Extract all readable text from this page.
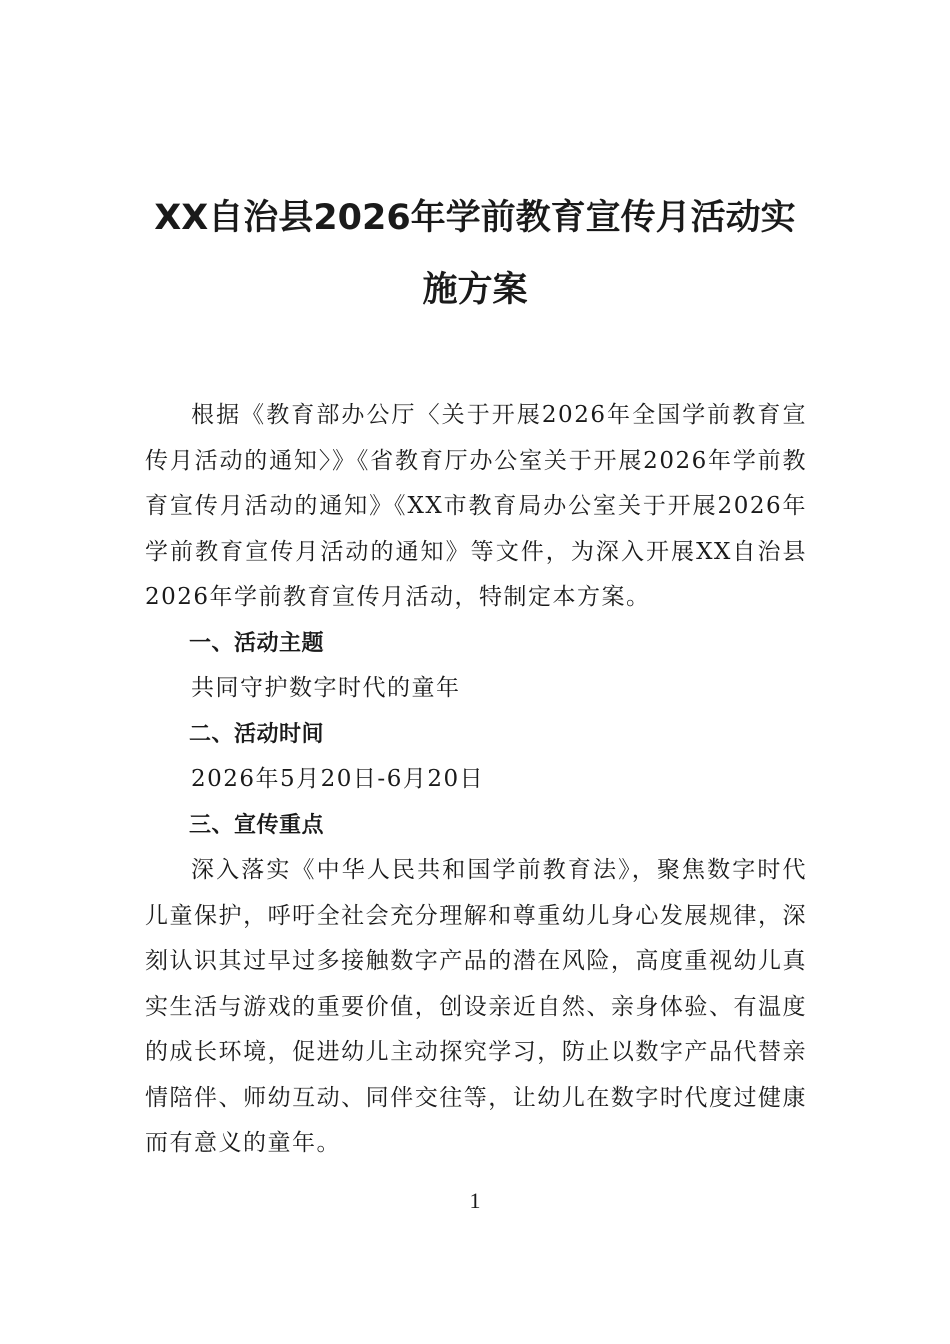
XX自治县2026年学前教育宣传月活动实施方案

根据《教育部办公厅〈关于开展2026年全国学前教育宣传月活动的通知〉》《省教育厅办公室关于开展2026年学前教育宣传月活动的通知》《XX市教育局办公室关于开展2026年学前教育宣传月活动的通知》等文件，为深入开展XX自治县2026年学前教育宣传月活动，特制定本方案。

一、活动主题

共同守护数字时代的童年

二、活动时间

2026年5月20日-6月20日

三、宣传重点

深入落实《中华人民共和国学前教育法》，聚焦数字时代儿童保护，呼吁全社会充分理解和尊重幼儿身心发展规律，深刻认识其过早过多接触数字产品的潜在风险，高度重视幼儿真实生活与游戏的重要价值，创设亲近自然、亲身体验、有温度的成长环境，促进幼儿主动探究学习，防止以数字产品代替亲情陪伴、师幼互动、同伴交往等，让幼儿在数字时代度过健康而有意义的童年。

1
